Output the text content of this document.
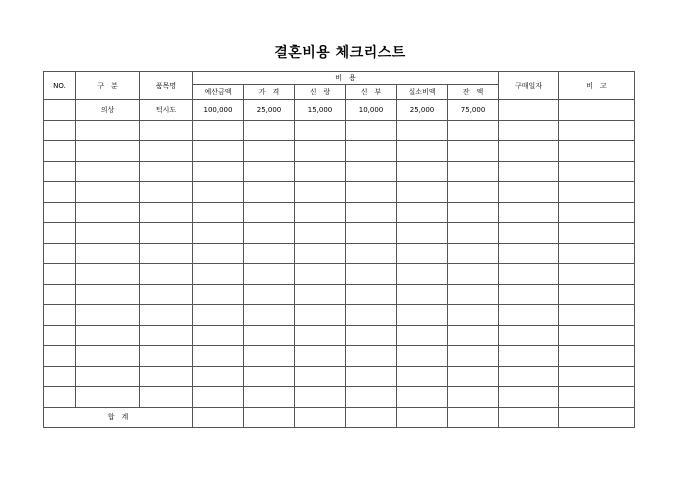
결혼비용 체크리스트
NO.	구　분	품목명	비　용						구매일자	비　고
			예산금액	가　격	신　랑	신　부	실소비액	잔　액		
	의상	턱시도	100,000	25,000	15,000	10,000	25,000	75,000		

합　계										
